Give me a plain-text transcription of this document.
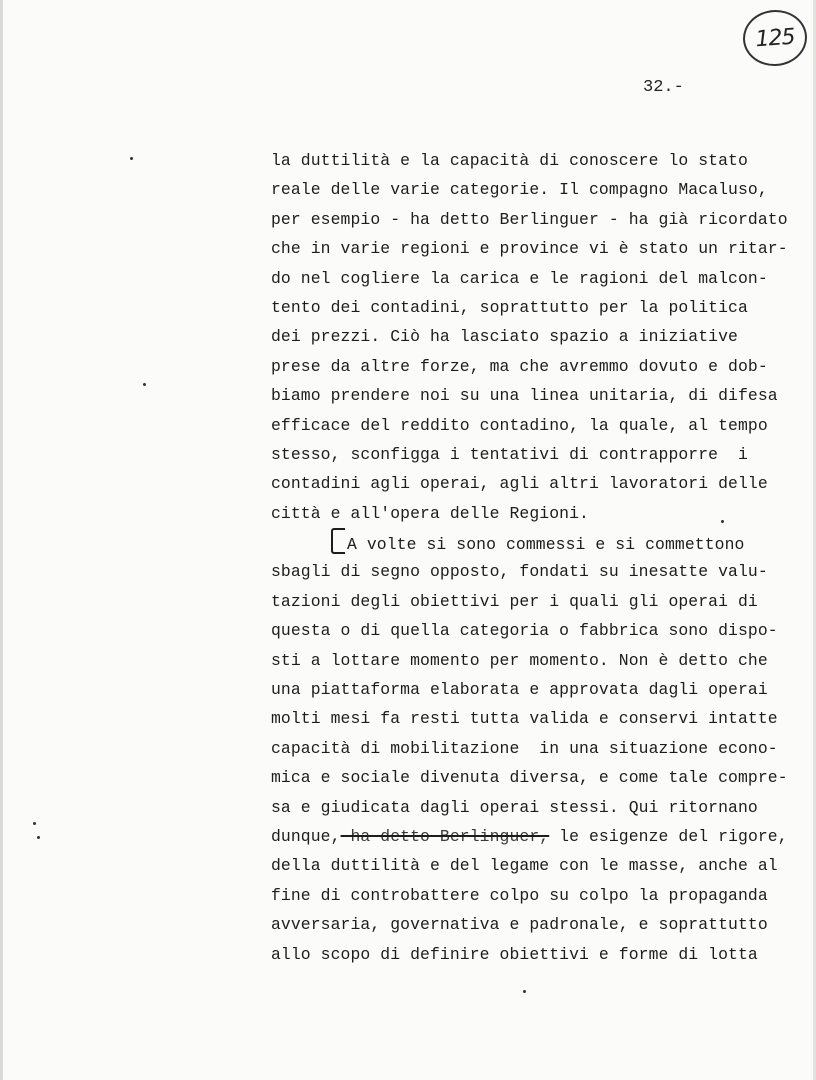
125
32.-
la duttilità e la capacità di conoscere lo stato
reale delle varie categorie. Il compagno Macaluso,
per esempio - ha detto Berlinguer - ha già ricordato
che in varie regioni e province vi è stato un ritar-
do nel cogliere la carica e le ragioni del malcon-
tento dei contadini, soprattutto per la politica
dei prezzi. Ciò ha lasciato spazio a iniziative
prese da altre forze, ma che avremmo dovuto e dob-
biamo prendere noi su una linea unitaria, di difesa
efficace del reddito contadino, la quale, al tempo
stesso, sconfigga i tentativi di contrapporre  i
contadini agli operai, agli altri lavoratori delle
città e all'opera delle Regioni.
A volte si sono commessi e si commettono
sbagli di segno opposto, fondati su inesatte valu-
tazioni degli obiettivi per i quali gli operai di
questa o di quella categoria o fabbrica sono dispo-
sti a lottare momento per momento. Non è detto che
una piattaforma elaborata e approvata dagli operai
molti mesi fa resti tutta valida e conservi intatte
capacità di mobilitazione  in una situazione econo-
mica e sociale divenuta diversa, e come tale compre-
sa e giudicata dagli operai stessi. Qui ritornano
dunque, ha detto Berlinguer, le esigenze del rigore,
della duttilità e del legame con le masse, anche al
fine di controbattere colpo su colpo la propaganda
avversaria, governativa e padronale, e soprattutto
allo scopo di definire obiettivi e forme di lotta
